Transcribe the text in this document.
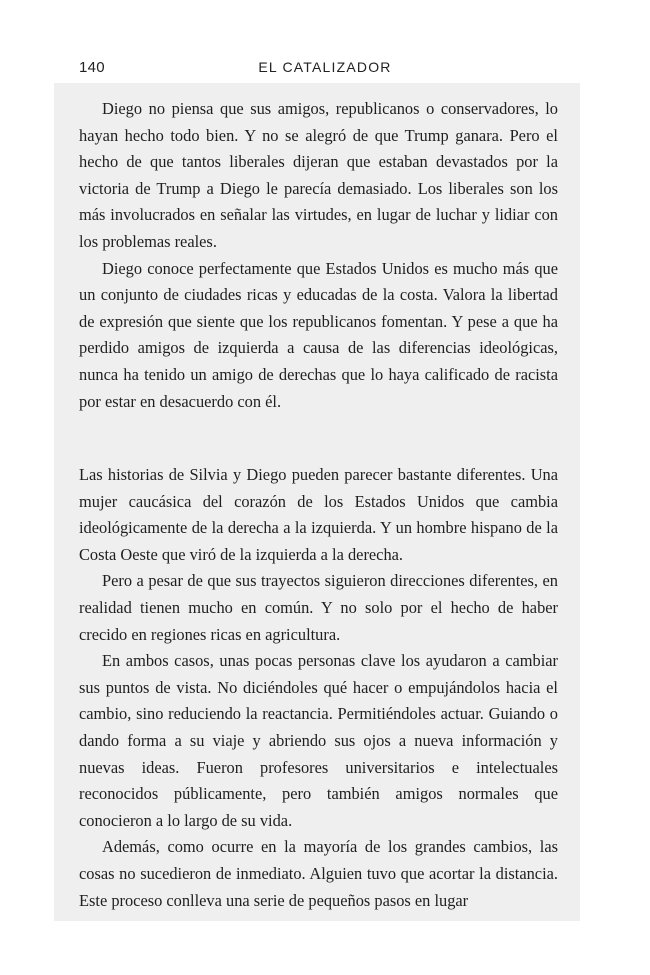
140	EL CATALIZADOR

Diego no piensa que sus amigos, republicanos o conservadores, lo hayan hecho todo bien. Y no se alegró de que Trump ganara. Pero el hecho de que tantos liberales dijeran que estaban devastados por la victoria de Trump a Diego le parecía demasiado. Los liberales son los más involucrados en señalar las virtudes, en lugar de luchar y lidiar con los problemas reales.

Diego conoce perfectamente que Estados Unidos es mucho más que un conjunto de ciudades ricas y educadas de la costa. Valora la libertad de expresión que siente que los republicanos fomentan. Y pese a que ha perdido amigos de izquierda a causa de las diferencias ideológicas, nunca ha tenido un amigo de derechas que lo haya calificado de racista por estar en desacuerdo con él.

Las historias de Silvia y Diego pueden parecer bastante diferentes. Una mujer caucásica del corazón de los Estados Unidos que cambia ideológicamente de la derecha a la izquierda. Y un hombre hispano de la Costa Oeste que viró de la izquierda a la derecha.

Pero a pesar de que sus trayectos siguieron direcciones diferentes, en realidad tienen mucho en común. Y no solo por el hecho de haber crecido en regiones ricas en agricultura.

En ambos casos, unas pocas personas clave los ayudaron a cambiar sus puntos de vista. No diciéndoles qué hacer o empujándolos hacia el cambio, sino reduciendo la reactancia. Permitiéndoles actuar. Guiando o dando forma a su viaje y abriendo sus ojos a nueva información y nuevas ideas. Fueron profesores universitarios e intelectuales reconocidos públicamente, pero también amigos normales que conocieron a lo largo de su vida.

Además, como ocurre en la mayoría de los grandes cambios, las cosas no sucedieron de inmediato. Alguien tuvo que acortar la distancia. Este proceso conlleva una serie de pequeños pasos en lugar
